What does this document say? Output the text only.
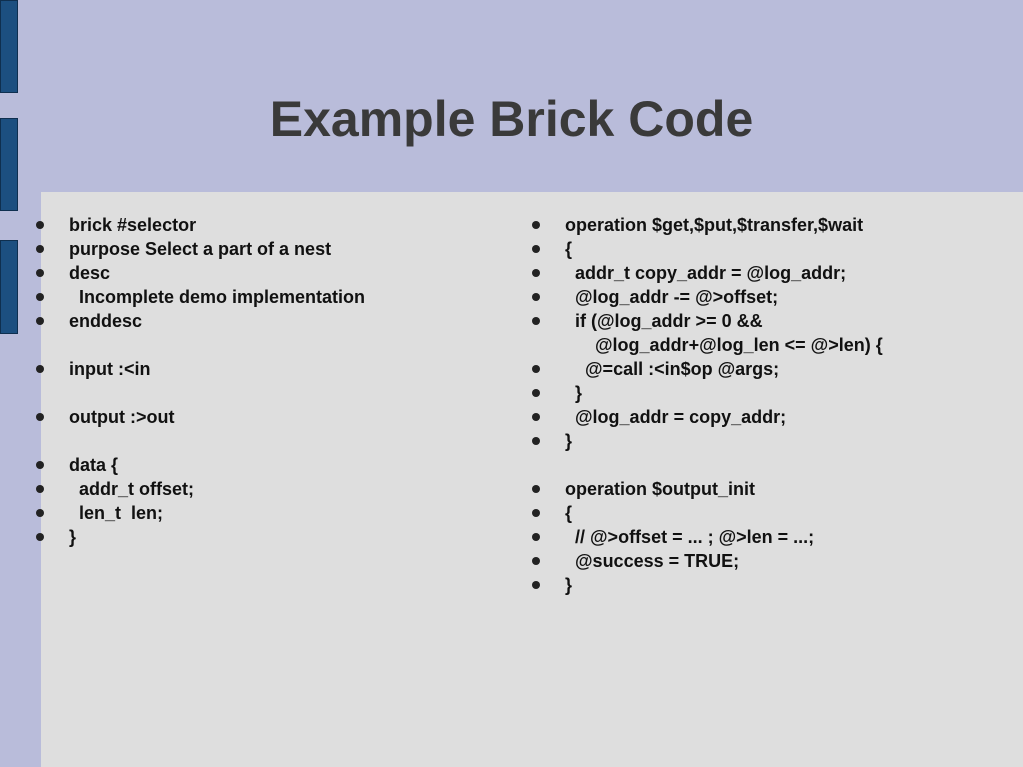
Example Brick Code
brick #selector
purpose Select a part of a nest
desc
Incomplete demo implementation
enddesc
input :<in
output :>out
data {
addr_t offset;
len_t  len;
}
operation $get,$put,$transfer,$wait
{
addr_t copy_addr = @log_addr;
@log_addr -= @>offset;
if (@log_addr >= 0 &&
@log_addr+@log_len <= @>len) {
@=call :<in$op @args;
}
@log_addr = copy_addr;
}
operation $output_init
{
// @>offset = ... ; @>len = ...;
@success = TRUE;
}
